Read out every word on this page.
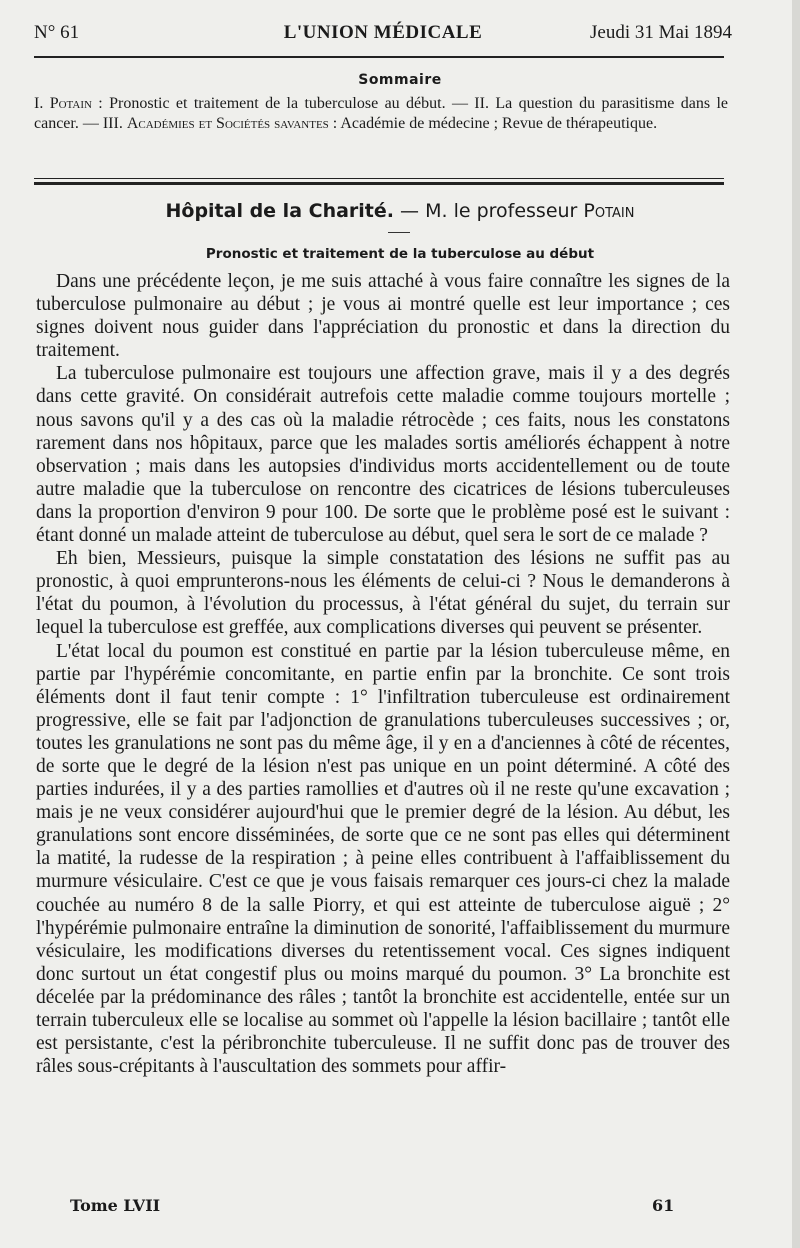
N° 61	L'UNION MÉDICALE	Jeudi 31 Mai 1894
Sommaire
I. Potain : Pronostic et traitement de la tuberculose au début. — II. La question du parasitisme dans le cancer. — III. Académies et Sociétés savantes : Académie de médecine ; Revue de thérapeutique.
Hôpital de la Charité. — M. le professeur Potain
Pronostic et traitement de la tuberculose au début

Dans une précédente leçon, je me suis attaché à vous faire connaître les signes de la tuberculose pulmonaire au début ; je vous ai montré quelle est leur importance ; ces signes doivent nous guider dans l'appréciation du pronostic et dans la direction du traitement.

La tuberculose pulmonaire est toujours une affection grave, mais il y a des degrés dans cette gravité. On considérait autrefois cette maladie comme toujours mortelle ; nous savons qu'il y a des cas où la maladie rétrocède ; ces faits, nous les constatons rarement dans nos hôpitaux, parce que les malades sortis améliorés échappent à notre observation ; mais dans les autopsies d'individus morts accidentellement ou de toute autre maladie que la tuberculose on rencontre des cicatrices de lésions tuberculeuses dans la proportion d'environ 9 pour 100. De sorte que le problème posé est le suivant : étant donné un malade atteint de tuberculose au début, quel sera le sort de ce malade ?

Eh bien, Messieurs, puisque la simple constatation des lésions ne suffit pas au pronostic, à quoi emprunterons-nous les éléments de celui-ci ? Nous le demanderons à l'état du poumon, à l'évolution du processus, à l'état général du sujet, du terrain sur lequel la tuberculose est greffée, aux complications diverses qui peuvent se présenter.

L'état local du poumon est constitué en partie par la lésion tuberculeuse même, en partie par l'hypérémie concomitante, en partie enfin par la bronchite. Ce sont trois éléments dont il faut tenir compte : 1° l'infiltration tuberculeuse est ordinairement progressive, elle se fait par l'adjonction de granulations tuberculeuses successives ; or, toutes les granulations ne sont pas du même âge, il y en a d'anciennes à côté de récentes, de sorte que le degré de la lésion n'est pas unique en un point déterminé. A côté des parties indurées, il y a des parties ramollies et d'autres où il ne reste qu'une excavation ; mais je ne veux considérer aujourd'hui que le premier degré de la lésion. Au début, les granulations sont encore disséminées, de sorte que ce ne sont pas elles qui déterminent la matité, la rudesse de la respiration ; à peine elles contribuent à l'affaiblissement du murmure vésiculaire. C'est ce que je vous faisais remarquer ces jours-ci chez la malade couchée au numéro 8 de la salle Piorry, et qui est atteinte de tuberculose aiguë ; 2° l'hypérémie pulmonaire entraîne la diminution de sonorité, l'affaiblissement du murmure vésiculaire, les modifications diverses du retentissement vocal. Ces signes indiquent donc surtout un état congestif plus ou moins marqué du poumon. 3° La bronchite est décelée par la prédominance des râles ; tantôt la bronchite est accidentelle, entée sur un terrain tuberculeux elle se localise au sommet où l'appelle la lésion bacillaire ; tantôt elle est persistante, c'est la péribronchite tuberculeuse. Il ne suffit donc pas de trouver des râles sous-crépitants à l'auscultation des sommets pour affir-

Tome LVII	61
